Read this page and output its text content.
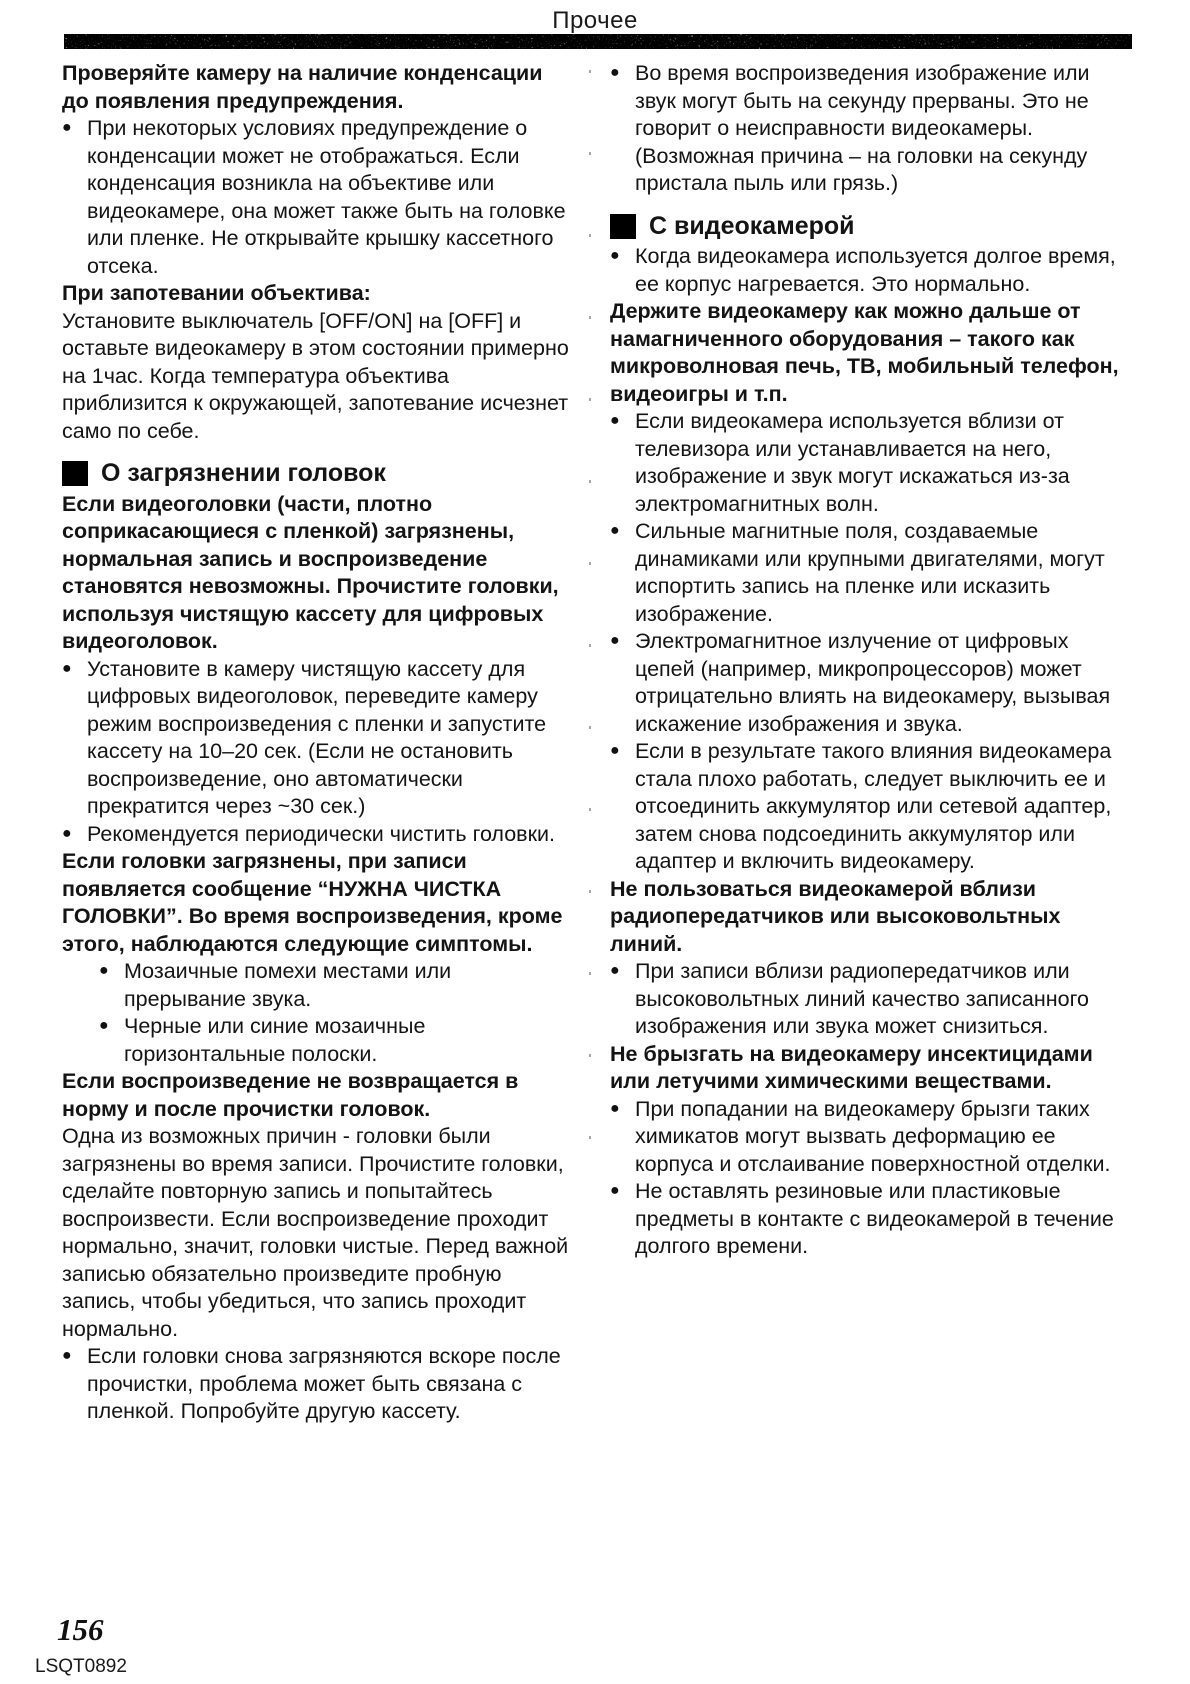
Прочее
Проверяйте камеру на наличие конденсации до появления предупреждения.
● При некоторых условиях предупреждение о конденсации может не отображаться. Если конденсация возникла на объективе или видеокамере, она может также быть на головке или пленке. Не открывайте крышку кассетного отсека.
При запотевании объектива:
Установите выключатель [OFF/ON] на [OFF] и оставьте видеокамеру в этом состоянии примерно на 1час. Когда температура объектива приблизится к окружающей, запотевание исчезнет само по себе.
О загрязнении головок
Если видеоголовки (части, плотно соприкасающиеся с пленкой) загрязнены, нормальная запись и воспроизведение становятся невозможны. Прочистите головки, используя чистящую кассету для цифровых видеоголовок.
● Установите в камеру чистящую кассету для цифровых видеоголовок, переведите камеру режим воспроизведения с пленки и запустите кассету на 10–20 сек. (Если не остановить воспроизведение, оно автоматически прекратится через ~30 сек.)
● Рекомендуется периодически чистить головки.
Если головки загрязнены, при записи появляется сообщение “НУЖНА ЧИСТКА ГОЛОВКИ”. Во время воспроизведения, кроме этого, наблюдаются следующие симптомы.
● Мозаичные помехи местами или прерывание звука.
● Черные или синие мозаичные горизонтальные полоски.
Если воспроизведение не возвращается в норму и после прочистки головок.
Одна из возможных причин - головки были загрязнены во время записи. Прочистите головки, сделайте повторную запись и попытайтесь воспроизвести. Если воспроизведение проходит нормально, значит, головки чистые. Перед важной записью обязательно произведите пробную запись, чтобы убедиться, что запись проходит нормально.
● Если головки снова загрязняются вскоре после прочистки, проблема может быть связана с пленкой. Попробуйте другую кассету.
● Во время воспроизведения изображение или звук могут быть на секунду прерваны. Это не говорит о неисправности видеокамеры. (Возможная причина – на головки на секунду пристала пыль или грязь.)
С видеокамерой
● Когда видеокамера используется долгое время, ее корпус нагревается. Это нормально.
Держите видеокамеру как можно дальше от намагниченного оборудования – такого как микроволновая печь, ТВ, мобильный телефон, видеоигры и т.п.
● Если видеокамера используется вблизи от телевизора или устанавливается на него, изображение и звук могут искажаться из-за электромагнитных волн.
● Сильные магнитные поля, создаваемые динамиками или крупными двигателями, могут испортить запись на пленке или исказить изображение.
● Электромагнитное излучение от цифровых цепей (например, микропроцессоров) может отрицательно влиять на видеокамеру, вызывая искажение изображения и звука.
● Если в результате такого влияния видеокамера стала плохо работать, следует выключить ее и отсоединить аккумулятор или сетевой адаптер, затем снова подсоединить аккумулятор или адаптер и включить видеокамеру.
Не пользоваться видеокамерой вблизи радиопередатчиков или высоковольтных линий.
● При записи вблизи радиопередатчиков или высоковольтных линий качество записанного изображения или звука может снизиться.
Не брызгать на видеокамеру инсектицидами или летучими химическими веществами.
● При попадании на видеокамеру брызги таких химикатов могут вызвать деформацию ее корпуса и отслаивание поверхностной отделки.
● Не оставлять резиновые или пластиковые предметы в контакте с видеокамерой в течение долгого времени.
156
LSQT0892
